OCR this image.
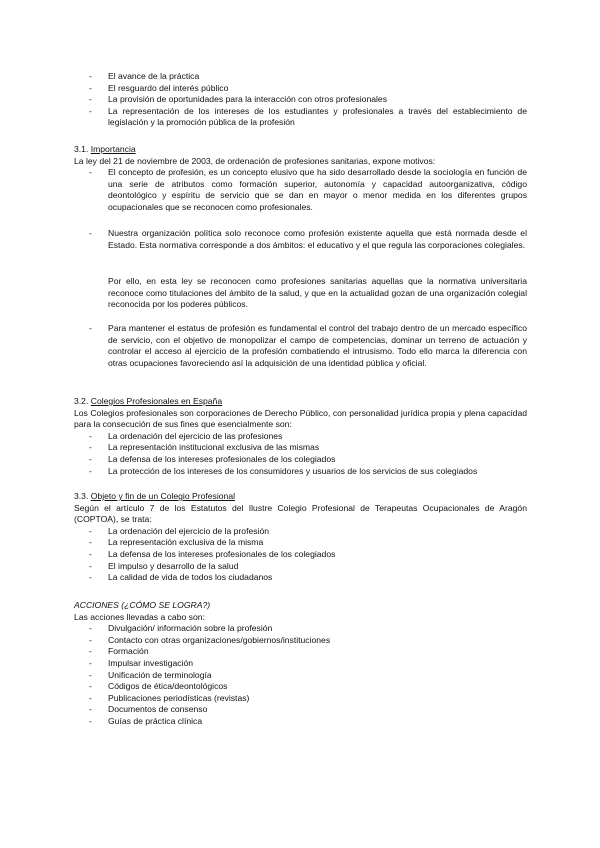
-	El avance de la práctica
-	El resguardo del interés público
-	La provisión de oportunidades para la interacción con otros profesionales
-	La representación de los intereses de los estudiantes y profesionales a través del establecimiento de legislación y la promoción pública de la profesión
3.1. Importancia
La ley del 21 de noviembre de 2003, de ordenación de profesiones sanitarias, expone motivos:
-	El concepto de profesión, es un concepto elusivo que ha sido desarrollado desde la sociología en función de una serie de atributos como formación superior, autonomía y capacidad autoorganizativa, código deontológico y espíritu de servicio que se dan en mayor o menor medida en los diferentes grupos ocupacionales que se reconocen como profesionales.
-	Nuestra organización política solo reconoce como profesión existente aquella que está normada desde el Estado. Esta normativa corresponde a dos ámbitos: el educativo y el que regula las corporaciones colegiales.
Por ello, en esta ley se reconocen como profesiones sanitarias aquellas que la normativa universitaria reconoce como titulaciones del ámbito de la salud, y que en la actualidad gozan de una organización colegial reconocida por los poderes públicos.
-	Para mantener el estatus de profesión es fundamental el control del trabajo dentro de un mercado específico de servicio, con el objetivo de monopolizar el campo de competencias, dominar un terreno de actuación y controlar el acceso al ejercicio de la profesión combatiendo el intrusismo. Todo ello marca la diferencia con otras ocupaciones favoreciendo así la adquisición de una identidad pública y oficial.
3.2. Colegios Profesionales en España
Los Colegios profesionales son corporaciones de Derecho Público, con personalidad jurídica propia y plena capacidad para la consecución de sus fines que esencialmente son:
-	La ordenación del ejercicio de las profesiones
-	La representación institucional exclusiva de las mismas
-	La defensa de los intereses profesionales de los colegiados
-	La protección de los intereses de los consumidores y usuarios de los servicios de sus colegiados
3.3. Objeto y fin de un Colegio Profesional
Según el artículo 7 de los Estatutos del Ilustre Colegio Profesional de Terapeutas Ocupacionales de Aragón (COPTOA), se trata:
-	La ordenación del ejercicio de la profesión
-	La representación exclusiva de la misma
-	La defensa de los intereses profesionales de los colegiados
-	El impulso y desarrollo de la salud
-	La calidad de vida de todos los ciudadanos
ACCIONES (¿CÓMO SE LOGRA?)
Las acciones llevadas a cabo son:
-	Divulgación/ información sobre la profesión
-	Contacto con otras organizaciones/gobiernos/instituciones
-	Formación
-	Impulsar investigación
-	Unificación de terminología
-	Códigos de ética/deontológicos
-	Publicaciones periodísticas (revistas)
-	Documentos de consenso
-	Guías de práctica clínica
